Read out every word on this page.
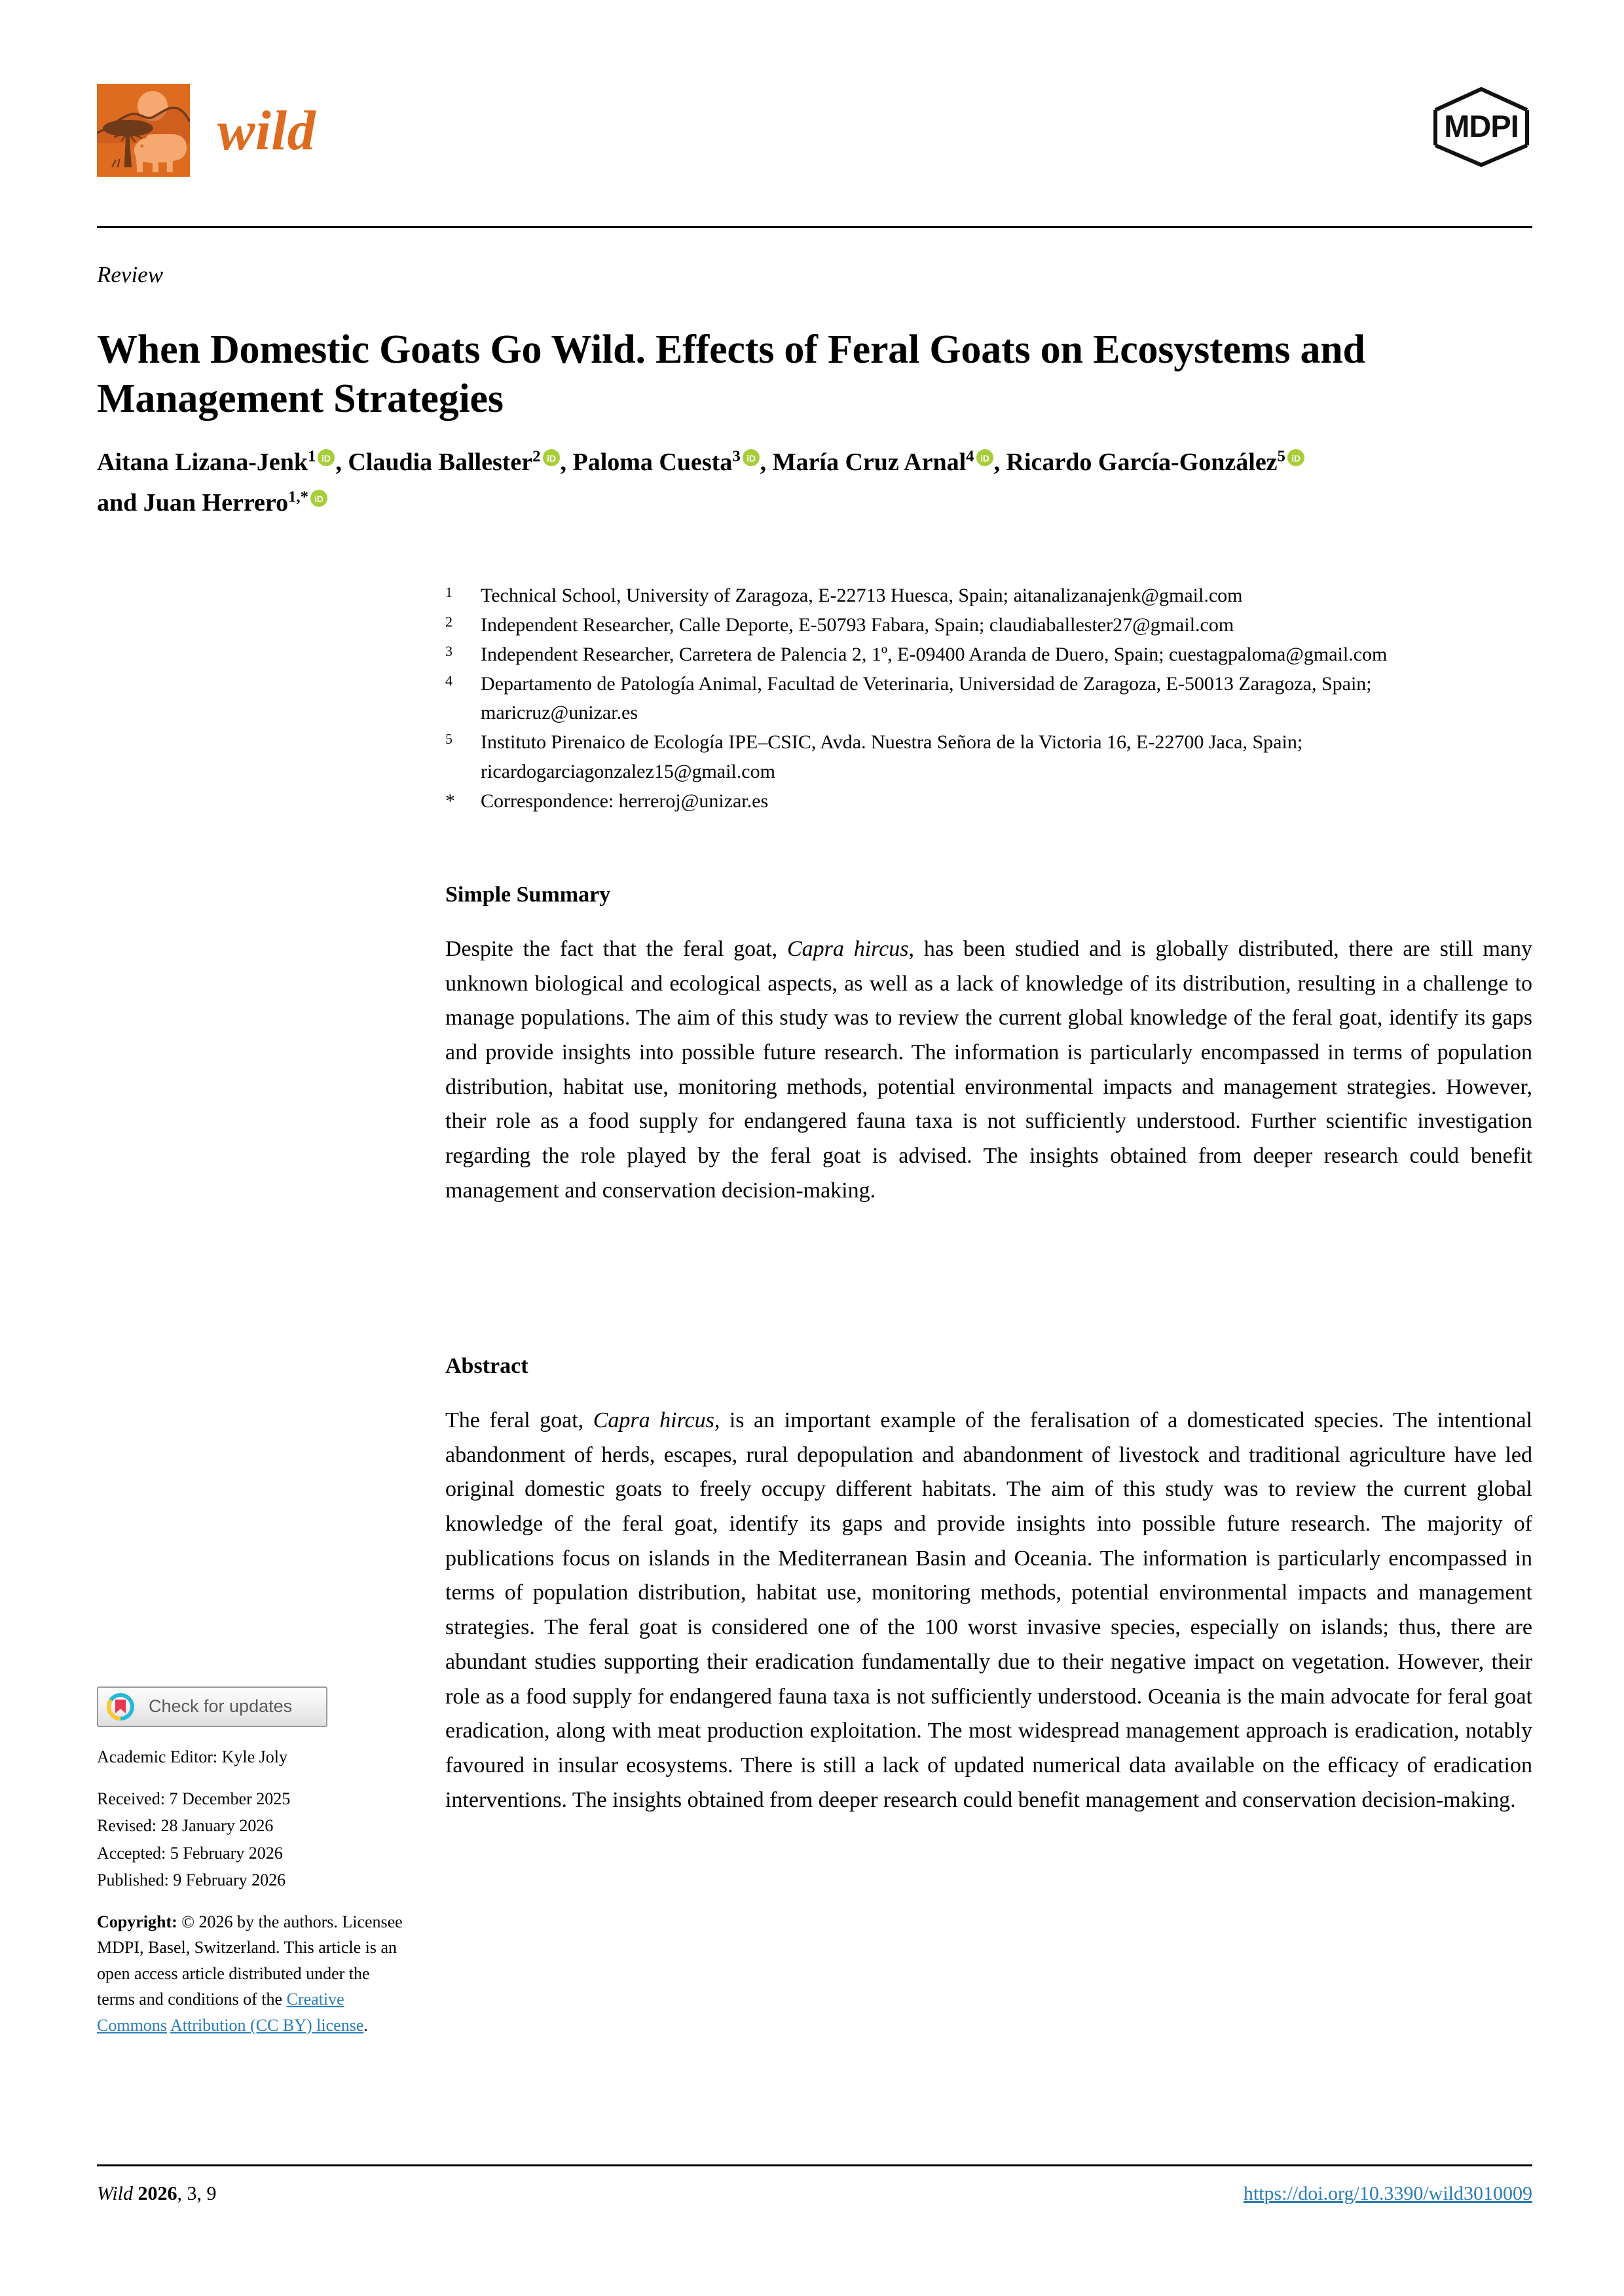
wild	MDPI
Review
When Domestic Goats Go Wild. Effects of Feral Goats on Ecosystems and Management Strategies
Aitana Lizana-Jenk$^1$ iD , Claudia Ballester$^2$ iD , Paloma Cuesta$^3$ iD , María Cruz Arnal$^4$ iD , Ricardo García-González$^5$ iD

and Juan Herrero$^{1,*}$ iD
1	Technical School, University of Zaragoza, E-22713 Huesca, Spain; aitanalizanajenk@gmail.com
2	Independent Researcher, Calle Deporte, E-50793 Fabara, Spain; claudiaballester27@gmail.com
3	Independent Researcher, Carretera de Palencia 2, 1º, E-09400 Aranda de Duero, Spain; cuestagpaloma@gmail.com
4	Departamento de Patología Animal, Facultad de Veterinaria, Universidad de Zaragoza, E-50013 Zaragoza, Spain; maricruz@unizar.es
5	Instituto Pirenaico de Ecología IPE–CSIC, Avda. Nuestra Señora de la Victoria 16, E-22700 Jaca, Spain; ricardogarciagonzalez15@gmail.com
*	Correspondence: herreroj@unizar.es
Simple Summary
Despite the fact that the feral goat, Capra hircus, has been studied and is globally distributed, there are still many unknown biological and ecological aspects, as well as a lack of knowledge of its distribution, resulting in a challenge to manage populations. The aim of this study was to review the current global knowledge of the feral goat, identify its gaps and provide insights into possible future research. The information is particularly encompassed in terms of population distribution, habitat use, monitoring methods, potential environmental impacts and management strategies. However, their role as a food supply for endangered fauna taxa is not sufficiently understood. Further scientific investigation regarding the role played by the feral goat is advised. The insights obtained from deeper research could benefit management and conservation decision-making.
Abstract
The feral goat, Capra hircus, is an important example of the feralisation of a domesticated species. The intentional abandonment of herds, escapes, rural depopulation and abandonment of livestock and traditional agriculture have led original domestic goats to freely occupy different habitats. The aim of this study was to review the current global knowledge of the feral goat, identify its gaps and provide insights into possible future research. The majority of publications focus on islands in the Mediterranean Basin and Oceania. The information is particularly encompassed in terms of population distribution, habitat use, monitoring methods, potential environmental impacts and management strategies. The feral goat is considered one of the 100 worst invasive species, especially on islands; thus, there are abundant studies supporting their eradication fundamentally due to their negative impact on vegetation. However, their role as a food supply for endangered fauna taxa is not sufficiently understood. Oceania is the main advocate for feral goat eradication, along with meat production exploitation. The most widespread management approach is eradication, notably favoured in insular ecosystems. There is still a lack of updated numerical data available on the efficacy of eradication interventions. The insights obtained from deeper research could benefit management and conservation decision-making.
Check for updates
Academic Editor: Kyle Joly
Received: 7 December 2025
Revised: 28 January 2026
Accepted: 5 February 2026
Published: 9 February 2026
Copyright: © 2026 by the authors. Licensee MDPI, Basel, Switzerland. This article is an open access article distributed under the terms and conditions of the Creative Commons Attribution (CC BY) license.
Wild 2026, 3, 9	https://doi.org/10.3390/wild3010009
